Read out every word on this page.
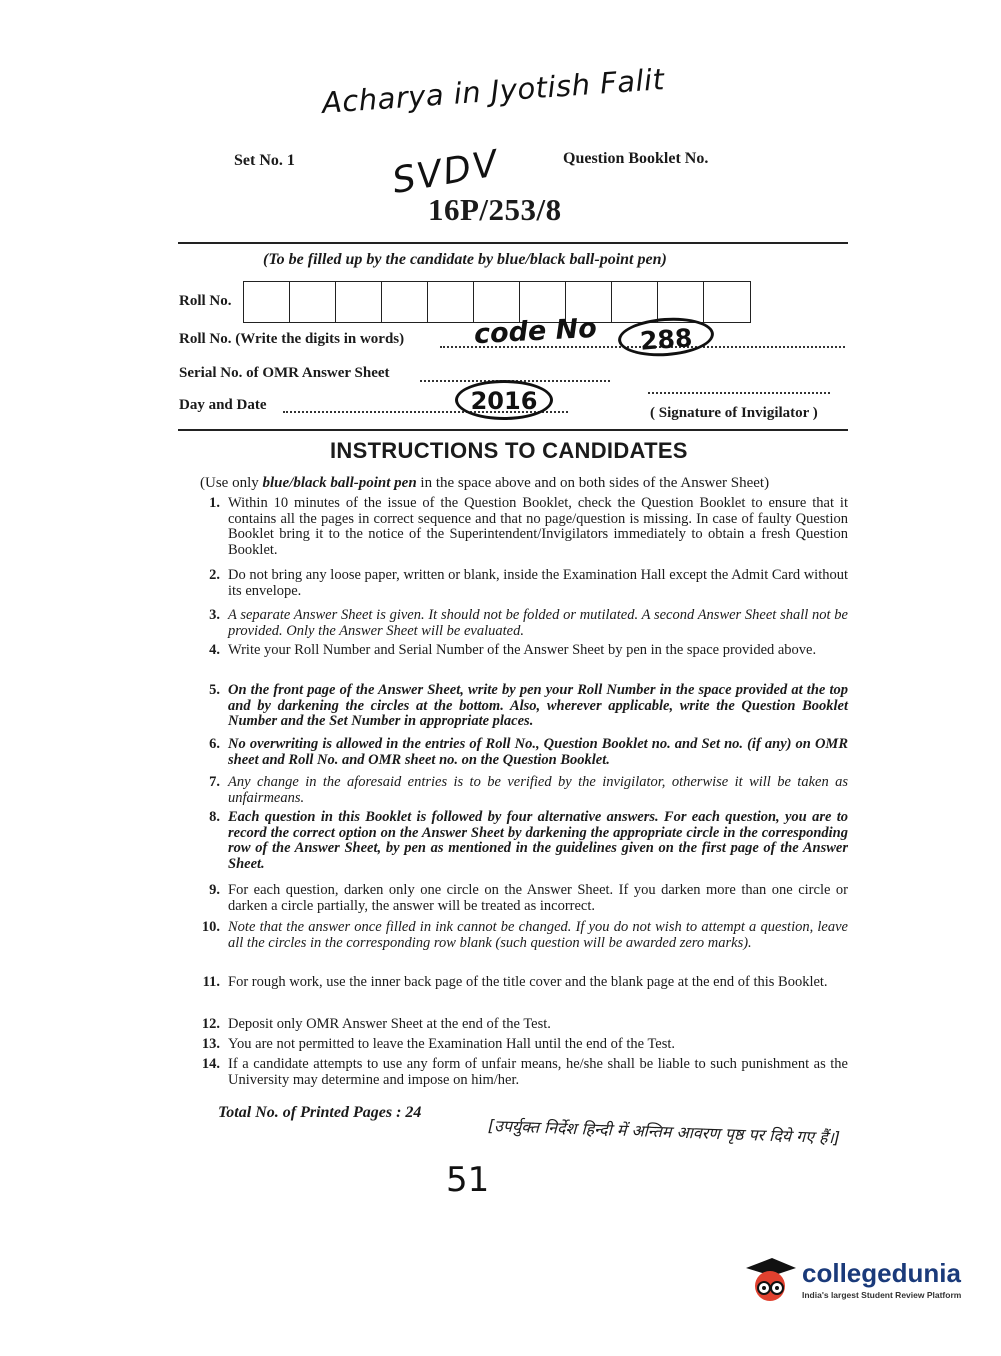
Acharya in Jyotish Falit
SVDV
Set No. 1	Question Booklet No.
16P/253/8
(To be filled up by the candidate by blue/black ball-point pen)
Roll No.
Roll No. (Write the digits in words)	code No	288
Serial No. of OMR Answer Sheet
Day and Date	2016	( Signature of Invigilator )
INSTRUCTIONS TO CANDIDATES
(Use only blue/black ball-point pen in the space above and on both sides of the Answer Sheet)
1. Within 10 minutes of the issue of the Question Booklet, check the Question Booklet to ensure that it contains all the pages in correct sequence and that no page/question is missing. In case of faulty Question Booklet bring it to the notice of the Superintendent/Invigilators immediately to obtain a fresh Question Booklet.
2. Do not bring any loose paper, written or blank, inside the Examination Hall except the Admit Card without its envelope.
3. A separate Answer Sheet is given. It should not be folded or mutilated. A second Answer Sheet shall not be provided. Only the Answer Sheet will be evaluated.
4. Write your Roll Number and Serial Number of the Answer Sheet by pen in the space provided above.
5. On the front page of the Answer Sheet, write by pen your Roll Number in the space provided at the top and by darkening the circles at the bottom. Also, wherever applicable, write the Question Booklet Number and the Set Number in appropriate places.
6. No overwriting is allowed in the entries of Roll No., Question Booklet no. and Set no. (if any) on OMR sheet and Roll No. and OMR sheet no. on the Question Booklet.
7. Any change in the aforesaid entries is to be verified by the invigilator, otherwise it will be taken as unfairmeans.
8. Each question in this Booklet is followed by four alternative answers. For each question, you are to record the correct option on the Answer Sheet by darkening the appropriate circle in the corresponding row of the Answer Sheet, by pen as mentioned in the guidelines given on the first page of the Answer Sheet.
9. For each question, darken only one circle on the Answer Sheet. If you darken more than one circle or darken a circle partially, the answer will be treated as incorrect.
10. Note that the answer once filled in ink cannot be changed. If you do not wish to attempt a question, leave all the circles in the corresponding row blank (such question will be awarded zero marks).
11. For rough work, use the inner back page of the title cover and the blank page at the end of this Booklet.
12. Deposit only OMR Answer Sheet at the end of the Test.
13. You are not permitted to leave the Examination Hall until the end of the Test.
14. If a candidate attempts to use any form of unfair means, he/she shall be liable to such punishment as the University may determine and impose on him/her.
Total No. of Printed Pages : 24
[उपर्युक्त निर्देश हिन्दी में अन्तिम आवरण पृष्ठ पर दिये गए हैं।]
51
collegedunia
India's largest Student Review Platform
